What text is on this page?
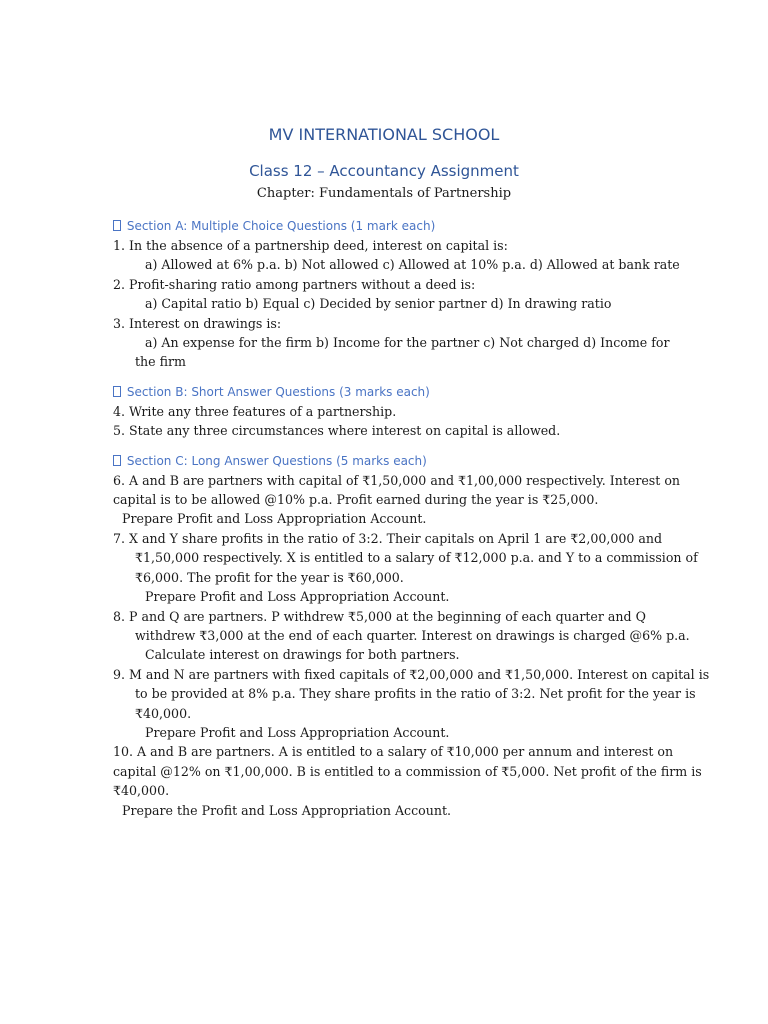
MV INTERNATIONAL SCHOOL
Class 12 – Accountancy Assignment
Chapter: Fundamentals of Partnership
Section A: Multiple Choice Questions (1 mark each)
1. In the absence of a partnership deed, interest on capital is:
a) Allowed at 6% p.a. b) Not allowed c) Allowed at 10% p.a. d) Allowed at bank rate
2. Profit-sharing ratio among partners without a deed is:
a) Capital ratio b) Equal c) Decided by senior partner d) In drawing ratio
3. Interest on drawings is:
a) An expense for the firm b) Income for the partner c) Not charged d) Income for
the firm
Section B: Short Answer Questions (3 marks each)
4. Write any three features of a partnership.
5. State any three circumstances where interest on capital is allowed.
Section C: Long Answer Questions (5 marks each)
6. A and B are partners with capital of ₹1,50,000 and ₹1,00,000 respectively. Interest on
capital is to be allowed @10% p.a. Profit earned during the year is ₹25,000.
Prepare Profit and Loss Appropriation Account.
7. X and Y share profits in the ratio of 3:2. Their capitals on April 1 are ₹2,00,000 and
₹1,50,000 respectively. X is entitled to a salary of ₹12,000 p.a. and Y to a commission of
₹6,000. The profit for the year is ₹60,000.
Prepare Profit and Loss Appropriation Account.
8. P and Q are partners. P withdrew ₹5,000 at the beginning of each quarter and Q
withdrew ₹3,000 at the end of each quarter. Interest on drawings is charged @6% p.a.
Calculate interest on drawings for both partners.
9. M and N are partners with fixed capitals of ₹2,00,000 and ₹1,50,000. Interest on capital is
to be provided at 8% p.a. They share profits in the ratio of 3:2. Net profit for the year is
₹40,000.
Prepare Profit and Loss Appropriation Account.
10. A and B are partners. A is entitled to a salary of ₹10,000 per annum and interest on
capital @12% on ₹1,00,000. B is entitled to a commission of ₹5,000. Net profit of the firm is
₹40,000.
Prepare the Profit and Loss Appropriation Account.
